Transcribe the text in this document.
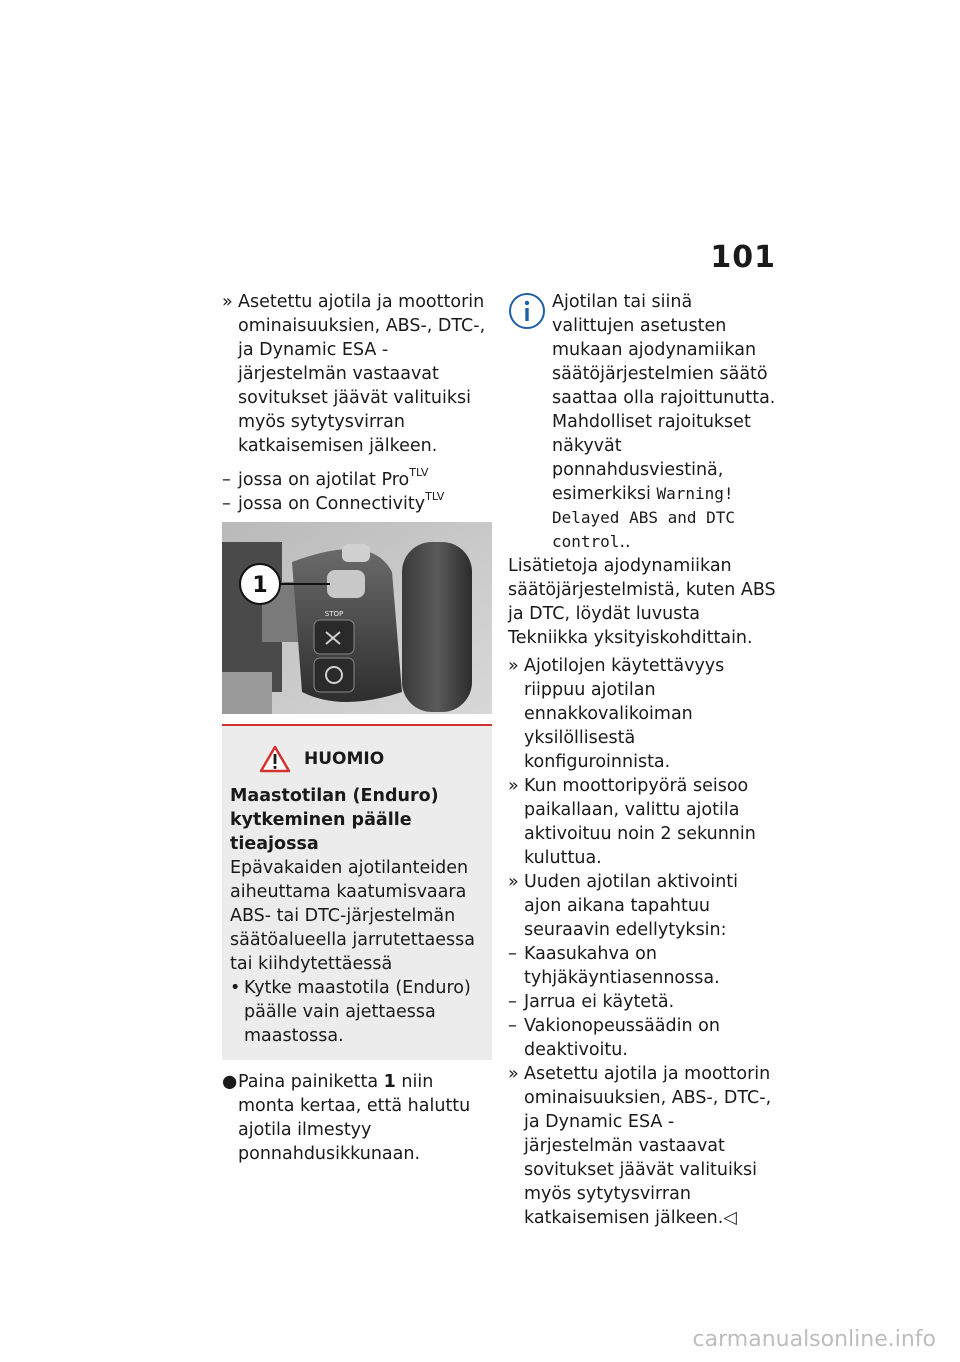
101
» Asetettu ajotila ja moottorin ominaisuuksien, ABS-, DTC-, ja Dynamic ESA -järjestelmän vastaavat sovitukset jäävät valituiksi myös sytytysvirran katkaisemisen jälkeen.
– jossa on ajotilat Pro$^{TLV}$
– jossa on Connectivity$^{TLV}$
1
STOP
HUOMIO
Maastotilan (Enduro) kytkeminen päälle tieajossa
Epävakaiden ajotilanteiden aiheuttama kaatumisvaara ABS- tai DTC-järjestelmän säätöalueella jarrutettaessa tai kiihdytettäessä
• Kytke maastotila (Enduro) päälle vain ajettaessa maastossa.
● Paina painiketta 1 niin monta kertaa, että haluttu ajotila ilmestyy ponnahdusikkunaan.
Ajotilan tai siinä valittujen asetusten mukaan ajodynamiikan säätöjärjestelmien säätö saattaa olla rajoittunutta. Mahdolliset rajoitukset näkyvät ponnahdusviestinä, esimerkiksi Warning! Delayed ABS and DTC control..
Lisätietoja ajodynamiikan säätöjärjestelmistä, kuten ABS ja DTC, löydät luvusta Tekniikka yksityiskohdittain.
» Ajotilojen käytettävyys riippuu ajotilan ennakkovalikoiman yksilöllisestä konfiguroinnista.
» Kun moottoripyörä seisoo paikallaan, valittu ajotila aktivoituu noin 2 sekunnin kuluttua.
» Uuden ajotilan aktivointi ajon aikana tapahtuu seuraavin edellytyksin:
– Kaasukahva on tyhjäkäyntiasennossa.
– Jarrua ei käytetä.
– Vakionopeussäädin on deaktivoitu.
» Asetettu ajotila ja moottorin ominaisuuksien, ABS-, DTC-, ja Dynamic ESA -järjestelmän vastaavat sovitukset jäävät valituiksi myös sytytysvirran katkaisemisen jälkeen.◁
carmanualsonline.info
